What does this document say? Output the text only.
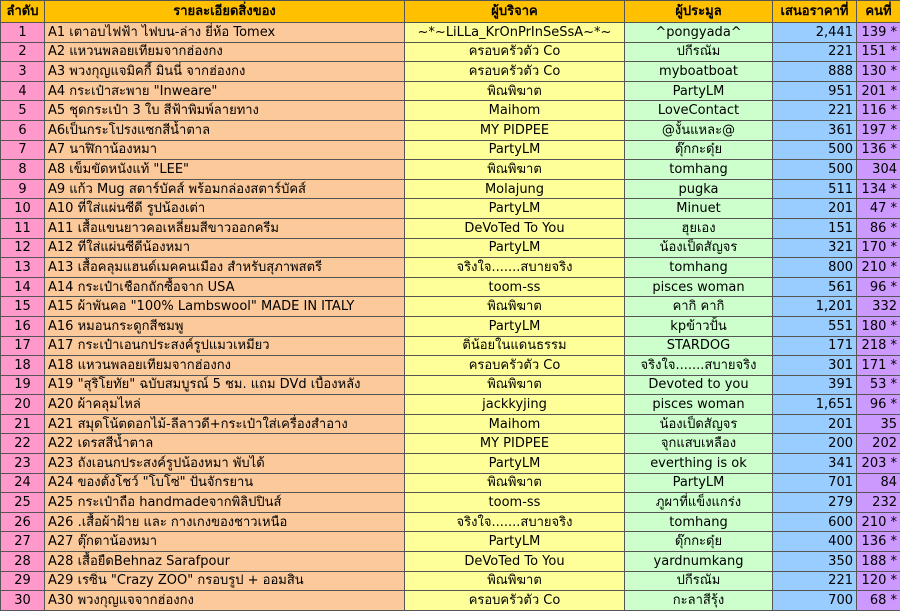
ลำดับ	รายละเอียดสิ่งของ	ผู้บริจาค	ผู้ประมูล	เสนอราคาที่	คนที่
1	A1 เตาอบไฟฟ้า ไฟบน-ล่าง ยี่ห้อ Tomex	~*~LiLLa_KrOnPrInSeSsA~*~	^pongyada^	2,441	139 *
2	A2 แหวนพลอยเทียมจากฮ่องกง	ครอบครัวตัว Co	ปกีรณัม	221	151 *
3	A3 พวงกุญแจมิคกี้ มินนี่ จากฮ่องกง	ครอบครัวตัว Co	myboatboat	888	130 *
4	A4 กระเป๋าสะพาย "Inweare"	พิณพิฆาต	PartyLM	951	201 *
5	A5 ชุดกระเป๋า 3 ใบ สีฟ้าพิมพ์ลายทาง	Maihom	LoveContact	221	116 *
6	A6เป็นกระโปรงแซกสีน้ำตาล	MY PIDPEE	@งั้นแหละ@	361	197 *
7	A7 นาฬิกาน้องหมา	PartyLM	ดุ๊กกะดุ๋ย	500	136 *
8	A8 เข็มขัดหนังแท้ "LEE"	พิณพิฆาต	tomhang	500	304
9	A9 แก้ว Mug สตาร์บัคส์ พร้อมกล่องสตาร์บัคส์	Molajung	pugka	511	134 *
10	A10 ที่ใส่แผ่นซีดี รูปน้องเต่า	PartyLM	Minuet	201	47 *
11	A11 เสื้อแขนยาวคอเหลี่ยมสีขาวออกครีม	DeVoTed To You	ฮุยเอง	151	86 *
12	A12 ที่ใส่แผ่นซีดีน้องหมา	PartyLM	น้องเป็ดสัญจร	321	170 *
13	A13 เสื้อคลุมแฮนด์เมคคนเมือง สำหรับสุภาพสตรี	จริงใจ.......สบายจริง	tomhang	800	210 *
14	A14 กระเป๋าเชือกถักซื้อจาก USA	toom-ss	pisces woman	561	96 *
15	A15 ผ้าพันคอ "100% Lambswool" MADE IN ITALY	พิณพิฆาต	คากิ คากิ	1,201	332
16	A16 หมอนกระดูกสีชมพู	PartyLM	kpข้าวปั้น	551	180 *
17	A17 กระเป๋าเอนกประสงค์รูปแมวเหมียว	ติ๋น้อยในแดนธรรม	STARDOG	171	218 *
18	A18 แหวนพลอยเทียมจากฮ่องกง	ครอบครัวตัว Co	จริงใจ.......สบายจริง	301	171 *
19	A19 "สุริโยทัย" ฉบับสมบูรณ์ 5 ชม. แถม DVd เบื้องหลัง	พิณพิฆาต	Devoted to you	391	53 *
20	A20 ผ้าคลุมไหล่	jackkyjing	pisces woman	1,651	96 *
21	A21 สมุดโน้ตดอกไม้-ลีลาวดี+กระเป๋าใส่เครื่องสำอาง	Maihom	น้องเป็ดสัญจร	201	35
22	A22 เดรสสีน้ำตาล	MY PIDPEE	จุกแสบเหลือง	200	202
23	A23 ถังเอนกประสงค์รูปน้องหมา พับได้	PartyLM	everthing is ok	341	203 *
24	A24 ของตั้งโชว์ "โบโซ่" ปั่นจักรยาน	พิณพิฆาต	PartyLM	701	84
25	A25 กระเป๋าถือ handmadeจากพิลิปปินส์	toom-ss	ภูผาที่แข็งแกร่ง	279	232
26	A26 .เสื้อผ้าฝ้าย และ กางเกงของชาวเหนือ	จริงใจ.......สบายจริง	tomhang	600	210 *
27	A27 ตุ๊กตาน้องหมา	PartyLM	ดุ๊กกะดุ๋ย	400	136 *
28	A28 เสื้อยืดBehnaz Sarafpour	DeVoTed To You	yardnumkang	350	188 *
29	A29 เรซิ่น "Crazy ZOO" กรอบรูป + ออมสิน	พิณพิฆาต	ปกีรณัม	221	120 *
30	A30 พวงกุญแจจากฮ่องกง	ครอบครัวตัว Co	กะลาสีรุ้ง	700	68 *
